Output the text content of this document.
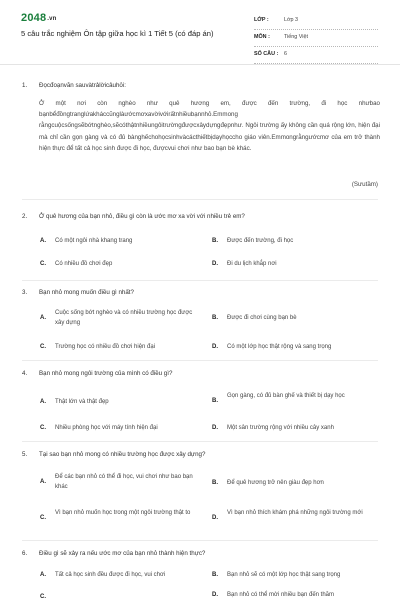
2048.vn
5 câu trắc nghiệm Ôn tập giữa học kì 1 Tiết 5 (có đáp án)
LỚP :	Lớp 3
MÔN :	Tiếng Việt
SỐ CÂU : 6
1. Đọcđoạnvăn sauvàtrảlờicâuhỏi:
Ở một nơi còn nghèo như quê hương em, được đến trường, đi học nhưbao bạnbểđồngtranglứakháccũnglàướcmơxavờivớirấtnhiềubạnnhỏ.Emmong rằngcuộcsốngsẽbớtnghèo,sẽcóthậtnhiềungôitrườngđượcxâydựngđẹpnhư. Ngôi trường ấy không cần quá rộng lớn, hiện đại mà chỉ cần gọn gàng và có đủ bànghếchohọcsinhvàcácthiếtbịdạyhọccho giáo viên.Emmongrằngướcmơ của em trở thành hiện thực để tất cả học sinh được đi học, đượcvui chơi như bao bạn bè khác.
(Sưutầm)
2. Ở quê hương của bạn nhỏ, điều gì còn là ước mơ xa vời với nhiều trẻ em?
A. Có một ngôi nhà khang trang	B. Được đến trường, đi học
C. Có nhiều đồ chơi đẹp	D. Đi du lịch khắp nơi
3. Bạn nhỏ mong muốn điều gì nhất?
A.
Cuộc sống bớt nghèo và có nhiều trường học được xây dựng
B. Được đi chơi cùng bạn bè
C. Trường học có nhiều đồ chơi hiện đại	D. Có một lớp học thật rộng và sang trọng
4. Bạn nhỏ mong ngôi trường của mình có điều gì?
A. Thật lớn và thật đẹp	B.
Gọn gàng, có đủ bàn ghế và thiết bị dạy học
C. Nhiều phòng học với máy tính hiện đại	D. Một sân trường rộng với nhiều cây xanh
5. Tại sao bạn nhỏ mong có nhiều trường học được xây dựng?
A.
Để các bạn nhỏ có thể đi học, vui chơi như bao bạn khác
B. Để quê hương trở nên giàu đẹp hơn
C.
Vì bạn nhỏ muốn học trong một ngôi trường thật to
D.
Vì bạn nhỏ thích khám phá những ngôi trường mới
6. Điều gì sẽ xảy ra nếu ước mơ của bạn nhỏ thành hiện thực?
A. Tất cả học sinh đều được đi học, vui chơi	B. Bạn nhỏ sẽ có một lớp học thật sang trọng
C.	D. Bạn nhỏ có thể mời nhiều bạn đến thăm
